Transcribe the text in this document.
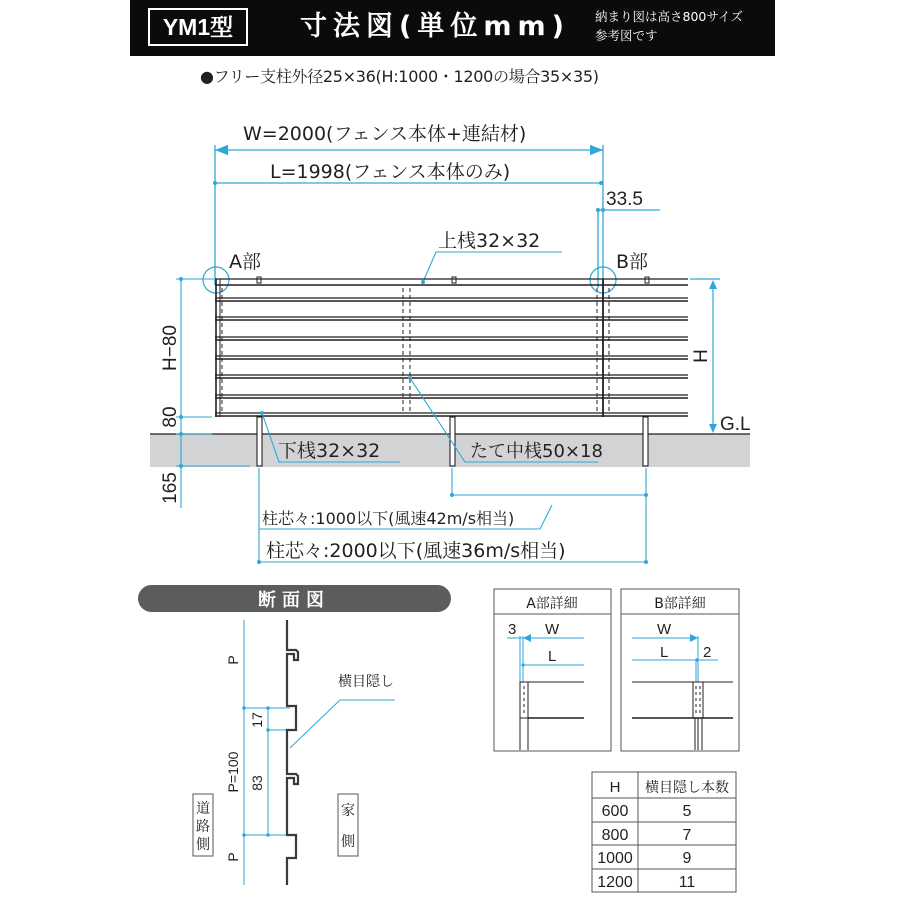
YM1型	寸法図(単位mm) 納まり図は高さ800サイズ
参考図です
●フリー支柱外径25×36(H:1000・1200の場合35×35)
W=2000(フェンス本体+連結材)
L=1998(フェンス本体のみ)
33.5
A部	B部
上桟32×32
H−80
80
165
H
G.L
下桟32×32	たて中桟50×18
柱芯々:1000以下(風速42m/s相当)
柱芯々:2000以下(風速36m/s相当)
断面図
横目隠し
17
83
P=100
P
P
道
路
側
家
側
A部詳細
3 W
L
B部詳細
W
L 2
H 横目隠し本数
600	5
800	7
1000	9
1200	11
